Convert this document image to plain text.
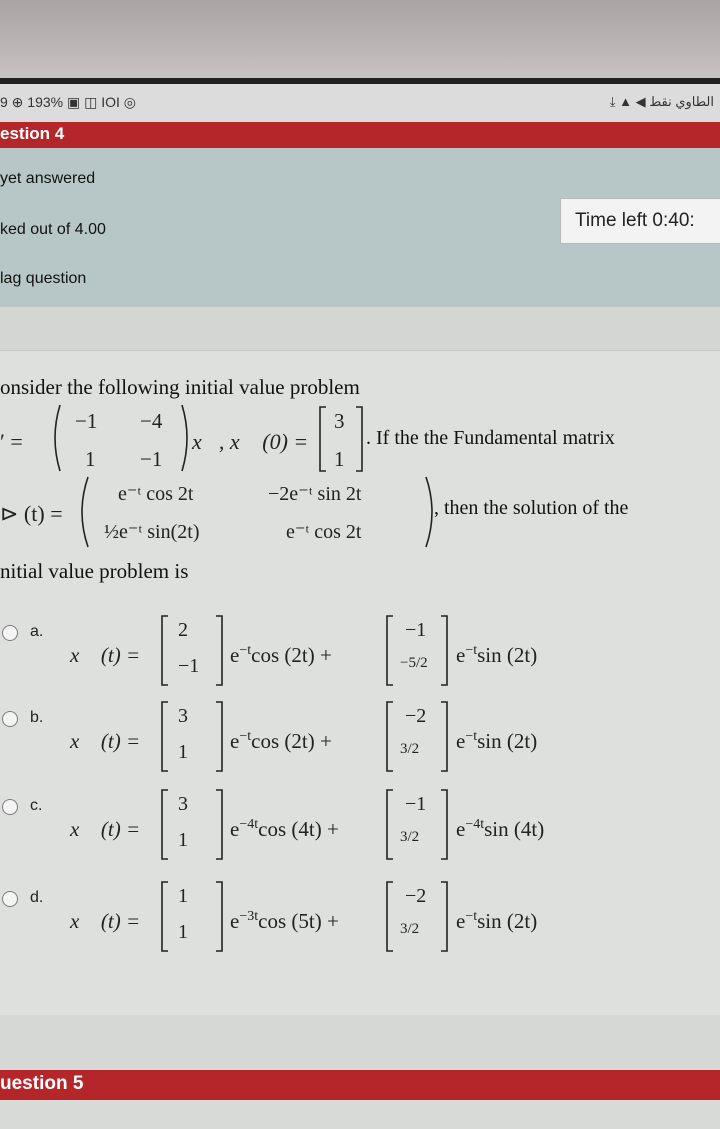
9 ⊕ 193% ▣ ◫ IOI ◎	الطاوي نقط ◀ ▲ ⤓
estion 4
yet answered
ked out of 4.00
lag question
Time left 0:40:
onsider the following initial value problem
′ =
−1 −4
1 −1
x⃗, x⃗ (0) =
3
1
. If the the Fundamental matrix
⊳ (t) =
e⁻ᵗ cos 2t	−2e⁻ᵗ sin 2t
½e⁻ᵗ sin(2t)	e⁻ᵗ cos 2t
, then the solution of the
nitial value problem is
a.
x⃗ (t) =
2
−1 $e^{-t}\cos$ (2t) +
−1
−5/2 $e^{-t}\sin$ (2t)
b.
x⃗ (t) =
3
1 $e^{-t}\cos$ (2t) +
−2
3/2 $e^{-t}\sin$ (2t)
c.
x⃗ (t) =
3
1 $e^{-4t}\cos$ (4t) +
−1
3/2 $e^{-4t}\sin$ (4t)
d.
x⃗ (t) =
1
1 $e^{-3t}\cos$ (5t) +
−2
3/2 $e^{-t}\sin$ (2t)
uestion 5
